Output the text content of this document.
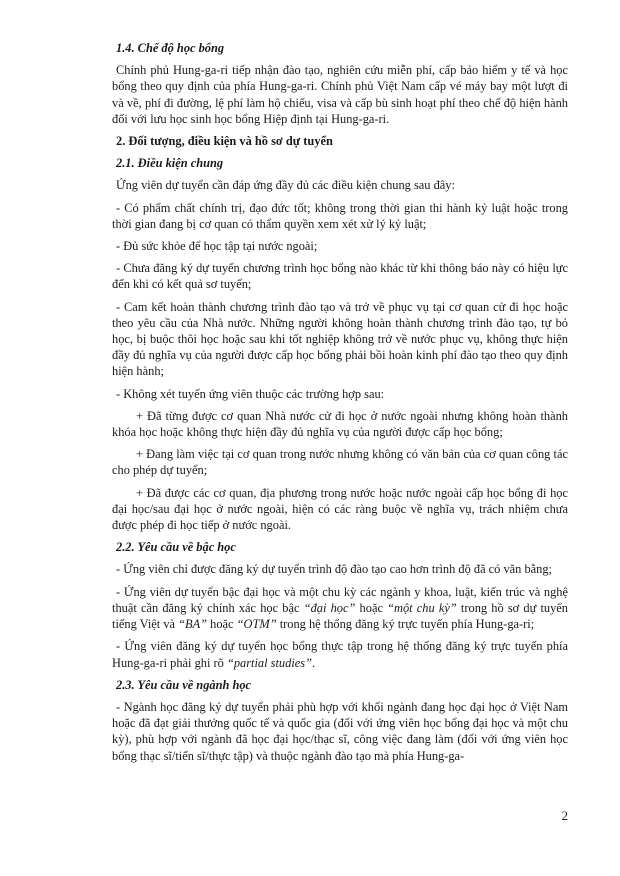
1.4. Chế độ học bổng

Chính phủ Hung-ga-ri tiếp nhận đào tạo, nghiên cứu miễn phí, cấp bảo hiểm y tế và học bổng theo quy định của phía Hung-ga-ri. Chính phủ Việt Nam cấp vé máy bay một lượt đi và về, phí đi đường, lệ phí làm hộ chiếu, visa và cấp bù sinh hoạt phí theo chế độ hiện hành đối với lưu học sinh học bổng Hiệp định tại Hung-ga-ri.

2. Đối tượng, điều kiện và hồ sơ dự tuyển
2.1. Điều kiện chung

Ứng viên dự tuyển cần đáp ứng đầy đủ các điều kiện chung sau đây:

- Có phẩm chất chính trị, đạo đức tốt; không trong thời gian thi hành kỷ luật hoặc trong thời gian đang bị cơ quan có thẩm quyền xem xét xử lý kỷ luật;

- Đủ sức khỏe để học tập tại nước ngoài;

- Chưa đăng ký dự tuyển chương trình học bổng nào khác từ khi thông báo này có hiệu lực đến khi có kết quả sơ tuyển;

- Cam kết hoàn thành chương trình đào tạo và trở về phục vụ tại cơ quan cử đi học hoặc theo yêu cầu của Nhà nước. Những người không hoàn thành chương trình đào tạo, tự bỏ học, bị buộc thôi học hoặc sau khi tốt nghiệp không trở về nước phục vụ, không thực hiện đầy đủ nghĩa vụ của người được cấp học bổng phải bồi hoàn kinh phí đào tạo theo quy định hiện hành;

- Không xét tuyển ứng viên thuộc các trường hợp sau:

+ Đã từng được cơ quan Nhà nước cử đi học ở nước ngoài nhưng không hoàn thành khóa học hoặc không thực hiện đầy đủ nghĩa vụ của người được cấp học bổng;

+ Đang làm việc tại cơ quan trong nước nhưng không có văn bản của cơ quan công tác cho phép dự tuyển;

+ Đã được các cơ quan, địa phương trong nước hoặc nước ngoài cấp học bổng đi học đại học/sau đại học ở nước ngoài, hiện có các ràng buộc về nghĩa vụ, trách nhiệm chưa được phép đi học tiếp ở nước ngoài.

2.2. Yêu cầu về bậc học

- Ứng viên chỉ được đăng ký dự tuyển trình độ đào tạo cao hơn trình độ đã có văn bằng;

- Ứng viên dự tuyển bậc đại học và một chu kỳ các ngành y khoa, luật, kiến trúc và nghệ thuật cần đăng ký chính xác học bậc “đại học” hoặc “một chu kỳ” trong hồ sơ dự tuyển tiếng Việt và “BA” hoặc “OTM” trong hệ thống đăng ký trực tuyến phía Hung-ga-ri;

- Ứng viên đăng ký dự tuyển học bổng thực tập trong hệ thống đăng ký trực tuyến phía Hung-ga-ri phải ghi rõ “partial studies”.

2.3. Yêu cầu về ngành học

- Ngành học đăng ký dự tuyển phải phù hợp với khối ngành đang học đại học ở Việt Nam hoặc đã đạt giải thưởng quốc tế và quốc gia (đối với ứng viên học bổng đại học và một chu kỳ), phù hợp với ngành đã học đại học/thạc sĩ, công việc đang làm (đối với ứng viên học bổng thạc sĩ/tiến sĩ/thực tập) và thuộc ngành đào tạo mà phía Hung-ga-

2
